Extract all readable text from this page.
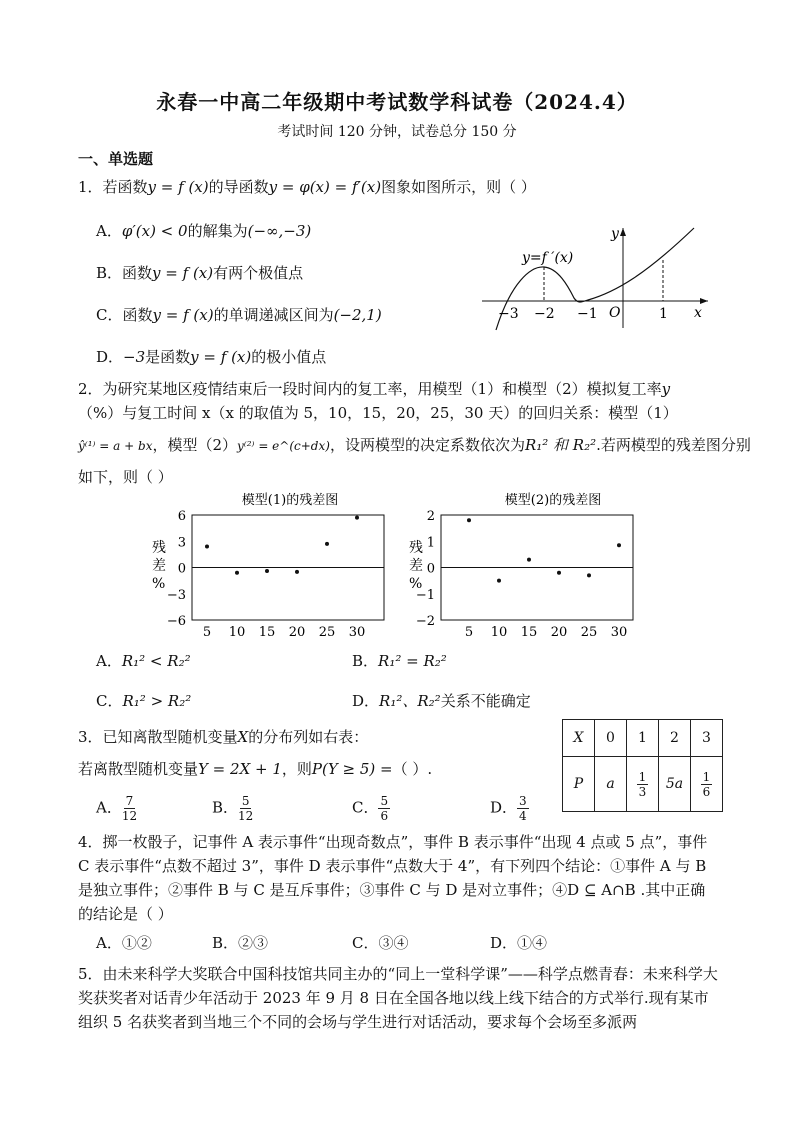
永春一中高二年级期中考试数学科试卷（2024.4）
考试时间 120 分钟，试卷总分 150 分
一、单选题
1．若函数y = f (x)的导函数y = φ(x) = f′(x)图象如图所示，则（ ）
A．φ′(x) < 0的解集为(−∞,−3)
B．函数y = f (x)有两个极值点
C．函数y = f (x)的单调递减区间为(−2,1)
D．−3是函数y = f (x)的极小值点
y=f ′(x)
y
x
O
−3 −2 −1	1
2．为研究某地区疫情结束后一段时间内的复工率，用模型（1）和模型（2）模拟复工率y
（%）与复工时间 x（x 的取值为 5，10，15，20，25，30 天）的回归关系：模型（1）
ŷ⁽¹⁾ = a + bx，模型（2）y⁽²⁾ = e^(c+dx)，设两模型的决定系数依次为R₁² 和 R₂².若两模型的残差图分别
如下，则（ ）
模型(1)的残差图
6
3
0
−3
−6
5 10 15 20 25 30
残
差
%
模型(2)的残差图
2
1
0
−1
−2
5 10 15 20 25 30
残
差
%
A．R₁² < R₂²	B．R₁² = R₂²
C．R₁² > R₂²	D．R₁²、R₂²关系不能确定
3．已知离散型随机变量X的分布列如右表：
若离散型随机变量Y = 2X + 1，则P(Y ≥ 5) =（ ）.
X	0	1	2	3
P	a	$\frac{1}{3}$	5a	$\frac{1}{6}$
A． $\frac{7}{12}$	B． $\frac{5}{12}$	C． $\frac{5}{6}$	D． $\frac{3}{4}$
4．掷一枚骰子，记事件 A 表示事件“出现奇数点”，事件 B 表示事件“出现 4 点或 5 点”，事件 C 表示事件“点数不超过 3”，事件 D 表示事件“点数大于 4”，有下列四个结论：①事件 A 与 B 是独立事件；②事件 B 与 C 是互斥事件；③事件 C 与 D 是对立事件；④D ⊆ A∩B .其中正确的结论是（ ）
A．①②	B．②③	C．③④	D．①④
5．由未来科学大奖联合中国科技馆共同主办的“同上一堂科学课”——科学点燃青春：未来科学大奖获奖者对话青少年活动于 2023 年 9 月 8 日在全国各地以线上线下结合的方式举行.现有某市组织 5 名获奖者到当地三个不同的会场与学生进行对话活动，要求每个会场至多派两
